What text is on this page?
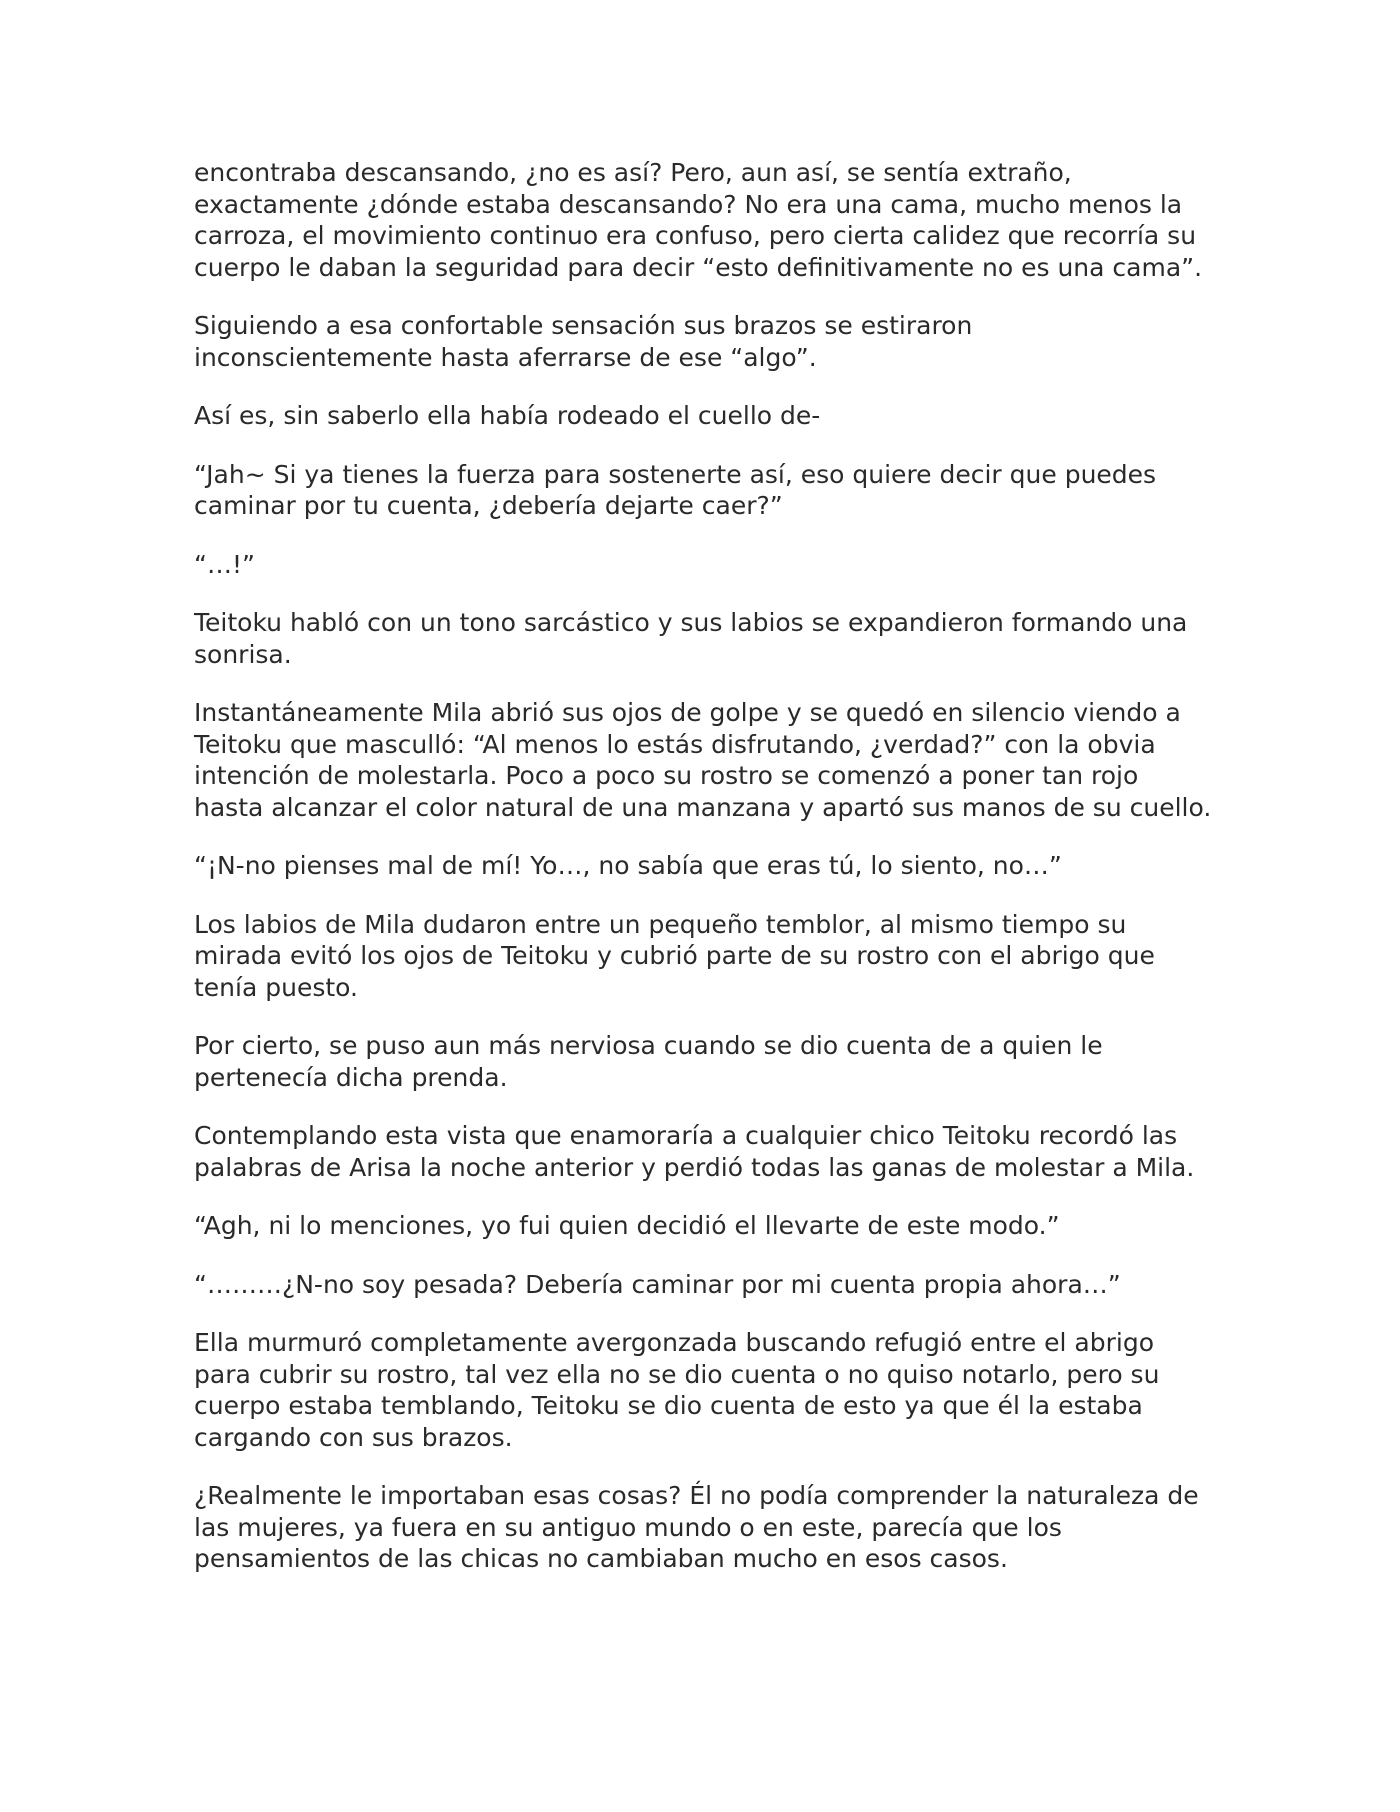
encontraba descansando, ¿no es así? Pero, aun así, se sentía extraño, exactamente ¿dónde estaba descansando? No era una cama, mucho menos la carroza, el movimiento continuo era confuso, pero cierta calidez que recorría su cuerpo le daban la seguridad para decir “esto definitivamente no es una cama”.

Siguiendo a esa confortable sensación sus brazos se estiraron inconscientemente hasta aferrarse de ese “algo”.

Así es, sin saberlo ella había rodeado el cuello de-

“Jah~ Si ya tienes la fuerza para sostenerte así, eso quiere decir que puedes caminar por tu cuenta, ¿debería dejarte caer?”

“…!”

Teitoku habló con un tono sarcástico y sus labios se expandieron formando una sonrisa.

Instantáneamente Mila abrió sus ojos de golpe y se quedó en silencio viendo a Teitoku que masculló: “Al menos lo estás disfrutando, ¿verdad?” con la obvia intención de molestarla. Poco a poco su rostro se comenzó a poner tan rojo hasta alcanzar el color natural de una manzana y apartó sus manos de su cuello.

“¡N-no pienses mal de mí! Yo…, no sabía que eras tú, lo siento, no…”

Los labios de Mila dudaron entre un pequeño temblor, al mismo tiempo su mirada evitó los ojos de Teitoku y cubrió parte de su rostro con el abrigo que tenía puesto.

Por cierto, se puso aun más nerviosa cuando se dio cuenta de a quien le pertenecía dicha prenda.

Contemplando esta vista que enamoraría a cualquier chico Teitoku recordó las palabras de Arisa la noche anterior y perdió todas las ganas de molestar a Mila.

“Agh, ni lo menciones, yo fui quien decidió el llevarte de este modo.”

“………¿N-no soy pesada? Debería caminar por mi cuenta propia ahora…”

Ella murmuró completamente avergonzada buscando refugió entre el abrigo para cubrir su rostro, tal vez ella no se dio cuenta o no quiso notarlo, pero su cuerpo estaba temblando, Teitoku se dio cuenta de esto ya que él la estaba cargando con sus brazos.

¿Realmente le importaban esas cosas? Él no podía comprender la naturaleza de las mujeres, ya fuera en su antiguo mundo o en este, parecía que los pensamientos de las chicas no cambiaban mucho en esos casos.
